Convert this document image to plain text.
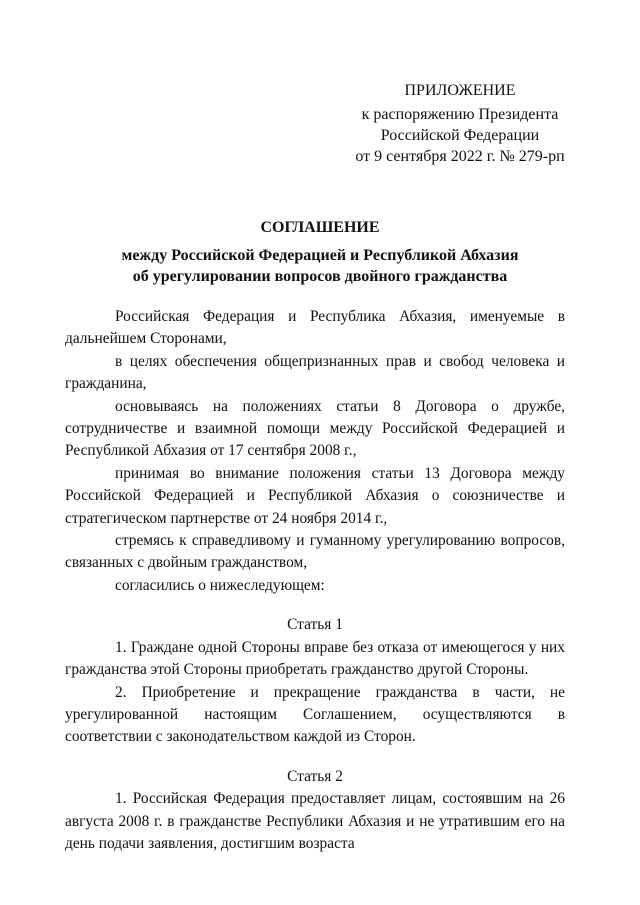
ПРИЛОЖЕНИЕ
к распоряжению Президента
Российской Федерации
от 9 сентября 2022 г. № 279-рп
СОГЛАШЕНИЕ
между Российской Федерацией и Республикой Абхазия
об урегулировании вопросов двойного гражданства

Российская Федерация и Республика Абхазия, именуемые в дальнейшем Сторонами,

в целях обеспечения общепризнанных прав и свобод человека и гражданина,

основываясь на положениях статьи 8 Договора о дружбе, сотрудничестве и взаимной помощи между Российской Федерацией и Республикой Абхазия от 17 сентября 2008 г.,

принимая во внимание положения статьи 13 Договора между Российской Федерацией и Республикой Абхазия о союзничестве и стратегическом партнерстве от 24 ноября 2014 г.,

стремясь к справедливому и гуманному урегулированию вопросов, связанных с двойным гражданством,

согласились о нижеследующем:

Статья 1

1. Граждане одной Стороны вправе без отказа от имеющегося у них гражданства этой Стороны приобретать гражданство другой Стороны.

2. Приобретение и прекращение гражданства в части, не урегулированной настоящим Соглашением, осуществляются в соответствии с законодательством каждой из Сторон.

Статья 2

1. Российская Федерация предоставляет лицам, состоявшим на 26 августа 2008 г. в гражданстве Республики Абхазия и не утратившим его на день подачи заявления, достигшим возраста
